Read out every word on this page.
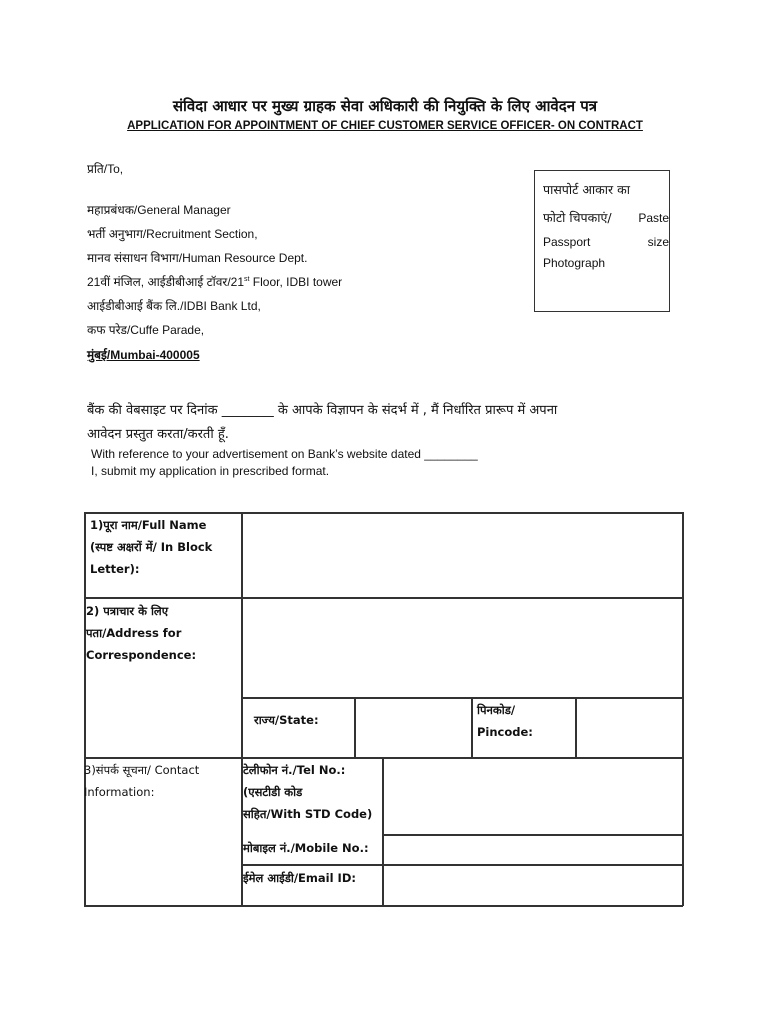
संविदा आधार पर मुख्य ग्राहक सेवा अधिकारी की नियुक्ति के लिए आवेदन पत्र
APPLICATION FOR APPOINTMENT OF CHIEF CUSTOMER SERVICE OFFICER- ON CONTRACT
प्रति/To,
महाप्रबंधक/General Manager
भर्ती अनुभाग/Recruitment Section,
मानव संसाधन विभाग/Human Resource Dept.
21वीं मंजिल, आईडीबीआई टॉवर/21st Floor, IDBI tower
आईडीबीआई बैंक लि./IDBI Bank Ltd,
कफ परेड/Cuffe Parade,
मुंबई/Mumbai-400005
पासपोर्ट आकार का
फोटो चिपकाएं/ Paste
Passport	size
Photograph
बैंक की वेबसाइट पर दिनांक ________ के आपके विज्ञापन के संदर्भ में , मैं निर्धारित प्रारूप में अपना
आवेदन प्रस्तुत करता/करती हूँ.
With reference to your advertisement on Bank’s website dated ________
I, submit my application in prescribed format.
1)पूरा नाम/Full Name
(स्पष्ट अक्षरों में/ In Block
Letter):
2) पत्राचार के लिए
पता/Address for
Correspondence:
राज्य/State:
पिनकोड/
Pincode:
3)संपर्क सूचना/ Contact
Information:
टेलीफोन नं./Tel No.:
(एसटीडी कोड
सहित/With STD Code)
मोबाइल नं./Mobile No.:
ईमेल आईडी/Email ID:
